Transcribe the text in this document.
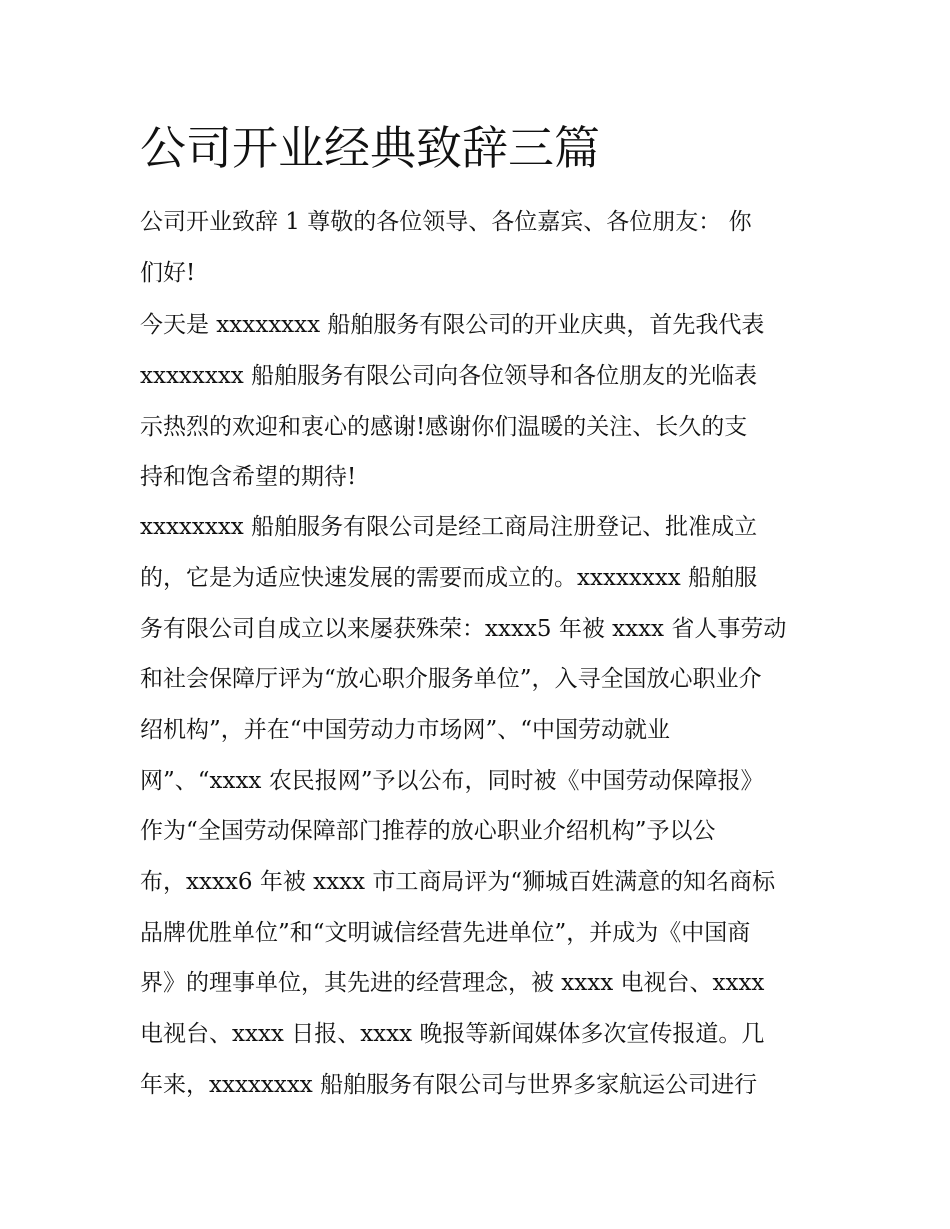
公司开业经典致辞三篇

公司开业致辞 1 尊敬的各位领导、各位嘉宾、各位朋友： 你

们好!

今天是 xxxxxxxx 船舶服务有限公司的开业庆典，首先我代表

xxxxxxxx 船舶服务有限公司向各位领导和各位朋友的光临表

示热烈的欢迎和衷心的感谢!感谢你们温暖的关注、长久的支

持和饱含希望的期待!

xxxxxxxx 船舶服务有限公司是经工商局注册登记、批准成立

的，它是为适应快速发展的需要而成立的。xxxxxxxx 船舶服

务有限公司自成立以来屡获殊荣：xxxx5 年被 xxxx 省人事劳动

和社会保障厅评为“放心职介服务单位”，入寻全国放心职业介

绍机构”，并在“中国劳动力市场网”、“中国劳动就业

网”、“xxxx 农民报网”予以公布，同时被《中国劳动保障报》

作为“全国劳动保障部门推荐的放心职业介绍机构”予以公

布，xxxx6 年被 xxxx 市工商局评为“狮城百姓满意的知名商标

品牌优胜单位”和“文明诚信经营先进单位”，并成为《中国商

界》的理事单位，其先进的经营理念，被 xxxx 电视台、xxxx

电视台、xxxx 日报、xxxx 晚报等新闻媒体多次宣传报道。几

年来，xxxxxxxx 船舶服务有限公司与世界多家航运公司进行
